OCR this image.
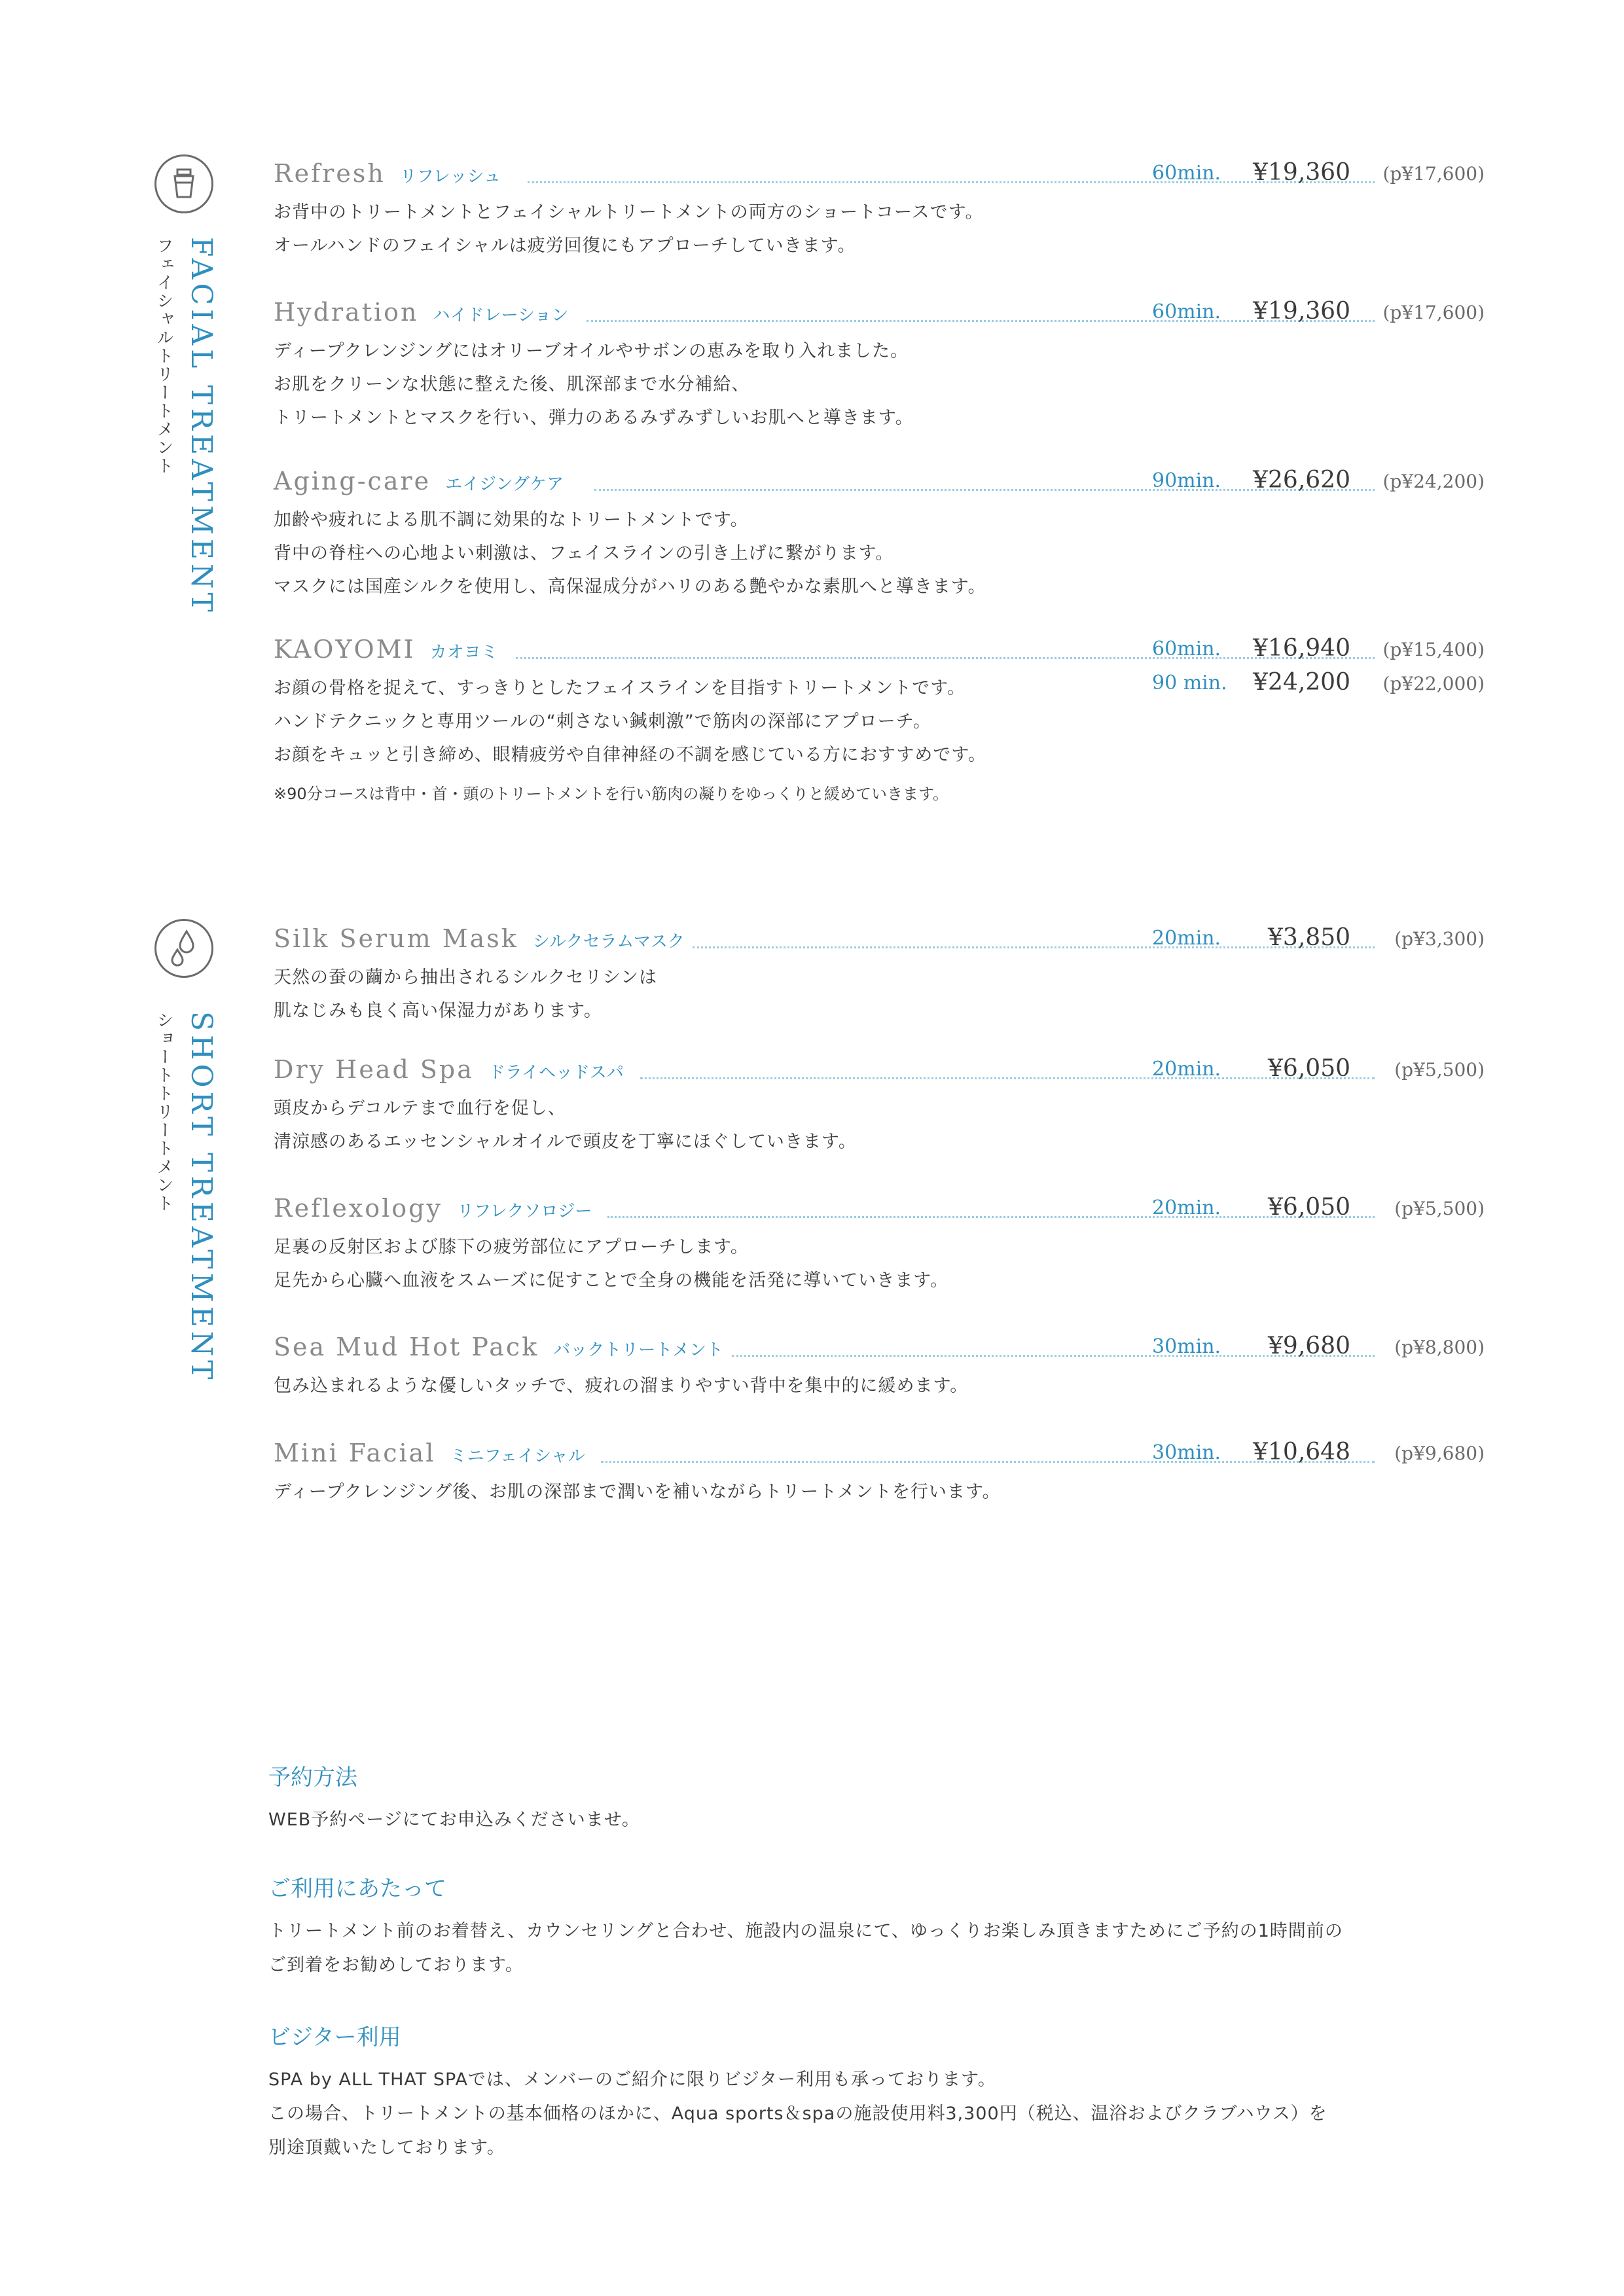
FACIAL TREATMENT
フェイシャルトリートメント
Refresh リフレッシュ	60min. ¥19,360 (p¥17,600)
お背中のトリートメントとフェイシャルトリートメントの両方のショートコースです。
オールハンドのフェイシャルは疲労回復にもアプローチしていきます。
Hydration ハイドレーション	60min. ¥19,360 (p¥17,600)
ディープクレンジングにはオリーブオイルやサボンの恵みを取り入れました。
お肌をクリーンな状態に整えた後、肌深部まで水分補給、
トリートメントとマスクを行い、弾力のあるみずみずしいお肌へと導きます。
Aging-care エイジングケア	90min. ¥26,620 (p¥24,200)
加齢や疲れによる肌不調に効果的なトリートメントです。
背中の脊柱への心地よい刺激は、フェイスラインの引き上げに繋がります。
マスクには国産シルクを使用し、高保湿成分がハリのある艶やかな素肌へと導きます。
KAOYOMI カオヨミ	60min. ¥16,940 (p¥15,400)
90 min. ¥24,200 (p¥22,000)
お顔の骨格を捉えて、すっきりとしたフェイスラインを目指すトリートメントです。
ハンドテクニックと専用ツールの“刺さない鍼刺激”で筋肉の深部にアプローチ。
お顔をキュッと引き締め、眼精疲労や自律神経の不調を感じている方におすすめです。
※90分コースは背中・首・頭のトリートメントを行い筋肉の凝りをゆっくりと緩めていきます。
SHORT TREATMENT
ショートトリートメント
Silk Serum Mask シルクセラムマスク	20min. ¥3,850 (p¥3,300)
天然の蚕の繭から抽出されるシルクセリシンは
肌なじみも良く高い保湿力があります。
Dry Head Spa ドライヘッドスパ	20min. ¥6,050 (p¥5,500)
頭皮からデコルテまで血行を促し、
清涼感のあるエッセンシャルオイルで頭皮を丁寧にほぐしていきます。
Reflexology リフレクソロジー	20min. ¥6,050 (p¥5,500)
足裏の反射区および膝下の疲労部位にアプローチします。
足先から心臓へ血液をスムーズに促すことで全身の機能を活発に導いていきます。
Sea Mud Hot Pack バックトリートメント	30min. ¥9,680 (p¥8,800)
包み込まれるような優しいタッチで、疲れの溜まりやすい背中を集中的に緩めます。
Mini Facial ミニフェイシャル	30min. ¥10,648 (p¥9,680)
ディープクレンジング後、お肌の深部まで潤いを補いながらトリートメントを行います。
予約方法
WEB予約ページにてお申込みくださいませ。
ご利用にあたって
トリートメント前のお着替え、カウンセリングと合わせ、施設内の温泉にて、ゆっくりお楽しみ頂きますためにご予約の1時間前の
ご到着をお勧めしております。
ビジター利用
SPA by ALL THAT SPAでは、メンバーのご紹介に限りビジター利用も承っております。
この場合、トリートメントの基本価格のほかに、Aqua sports＆spaの施設使用料3,300円（税込、温浴およびクラブハウス）を
別途頂戴いたしております。
